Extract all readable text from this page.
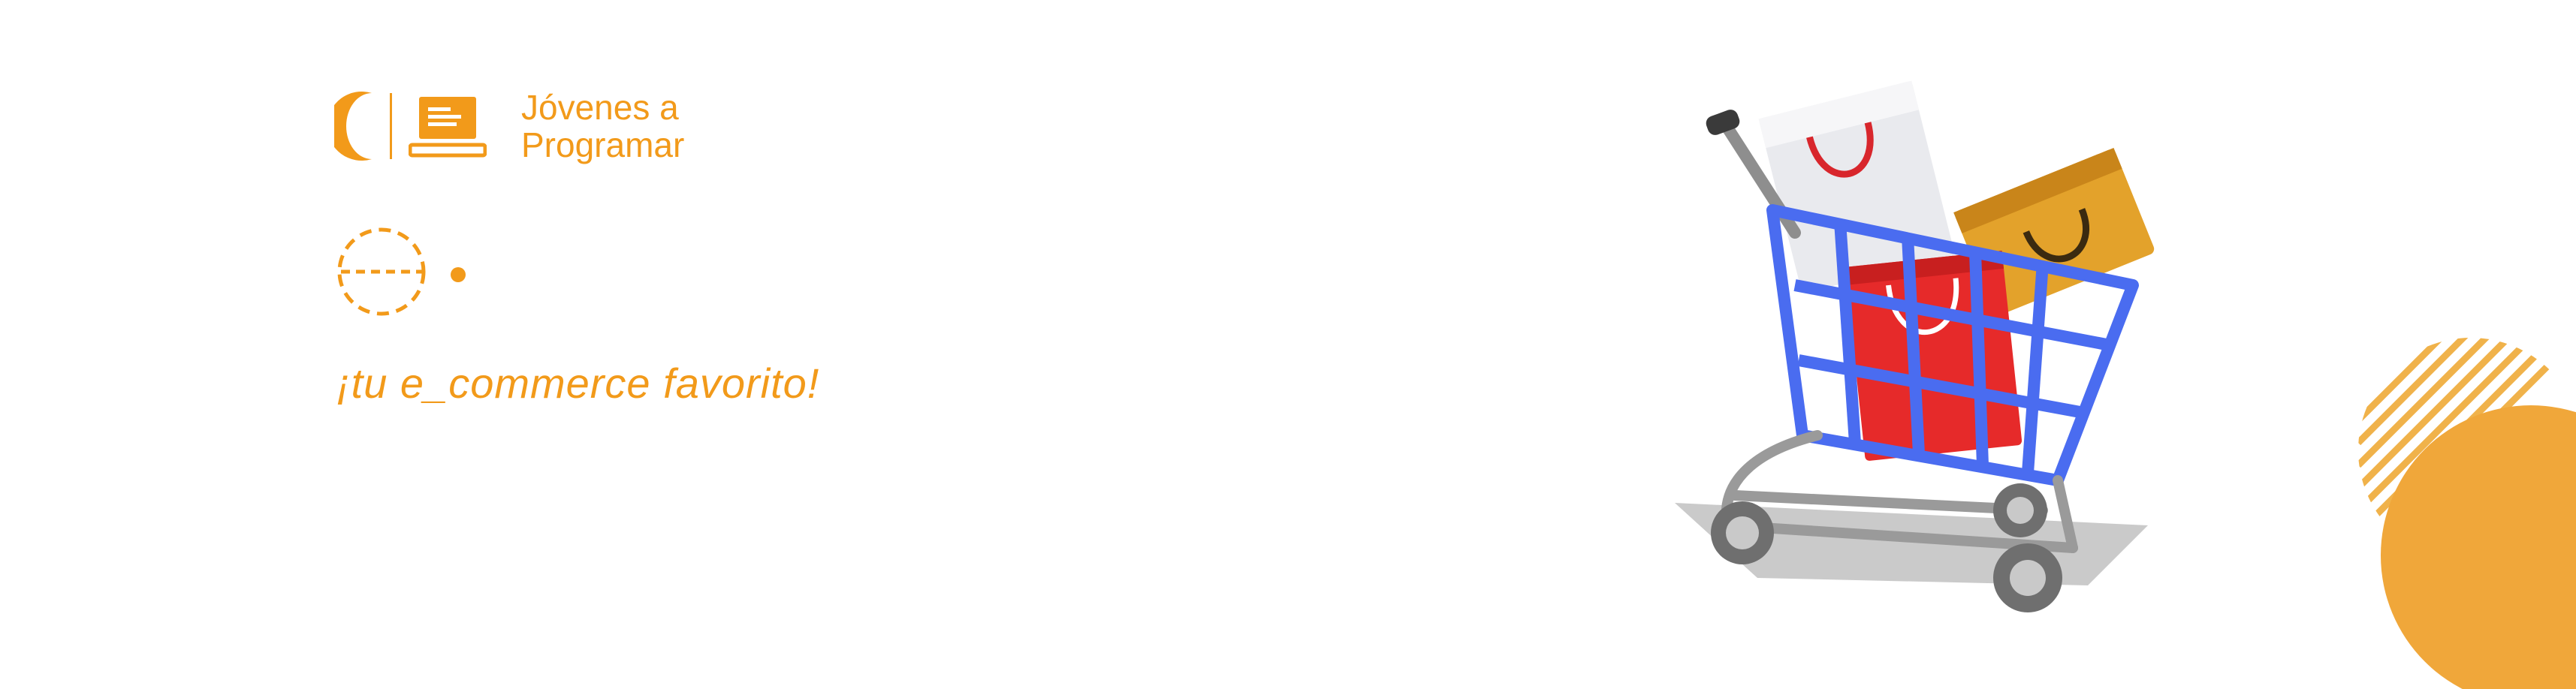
Jóvenes a
Programar
¡tu e_commerce favorito!
